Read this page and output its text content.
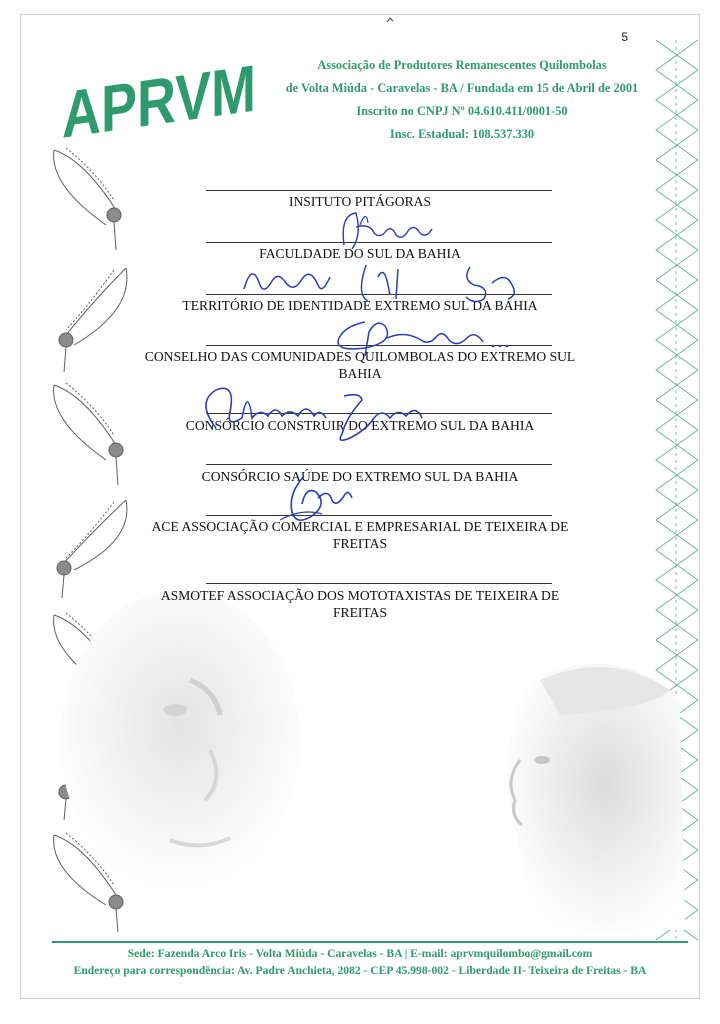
5
APRVM	Associação de Produtores Remanescentes Quilombolas
de Volta Miúda - Caravelas - BA / Fundada em 15 de Abril de 2001
Inscrito no CNPJ Nº 04.610.411/0001-50
Insc. Estadual: 108.537.330
INSITUTO PITÁGORAS
FACULDADE DO SUL DA BAHIA
TERRITÓRIO DE IDENTIDADE EXTREMO SUL DA BAHIA
CONSELHO DAS COMUNIDADES QUILOMBOLAS DO EXTREMO SUL
BAHIA
CONSÓRCIO CONSTRUIR DO EXTREMO SUL DA BAHIA
CONSÓRCIO SAÚDE DO EXTREMO SUL DA BAHIA
ACE ASSOCIAÇÃO COMERCIAL E EMPRESARIAL DE TEIXEIRA DE
FREITAS
ASMOTEF ASSOCIAÇÃO DOS MOTOTAXISTAS DE TEIXEIRA DE
FREITAS
Sede: Fazenda Arco Iris - Volta Miúda - Caravelas - BA | E-mail: aprvmquilombo@gmail.com
Endereço para correspondência: Av. Padre Anchieta, 2082 - CEP 45.998-002 - Liberdade II- Teixeira de Freitas - BA
